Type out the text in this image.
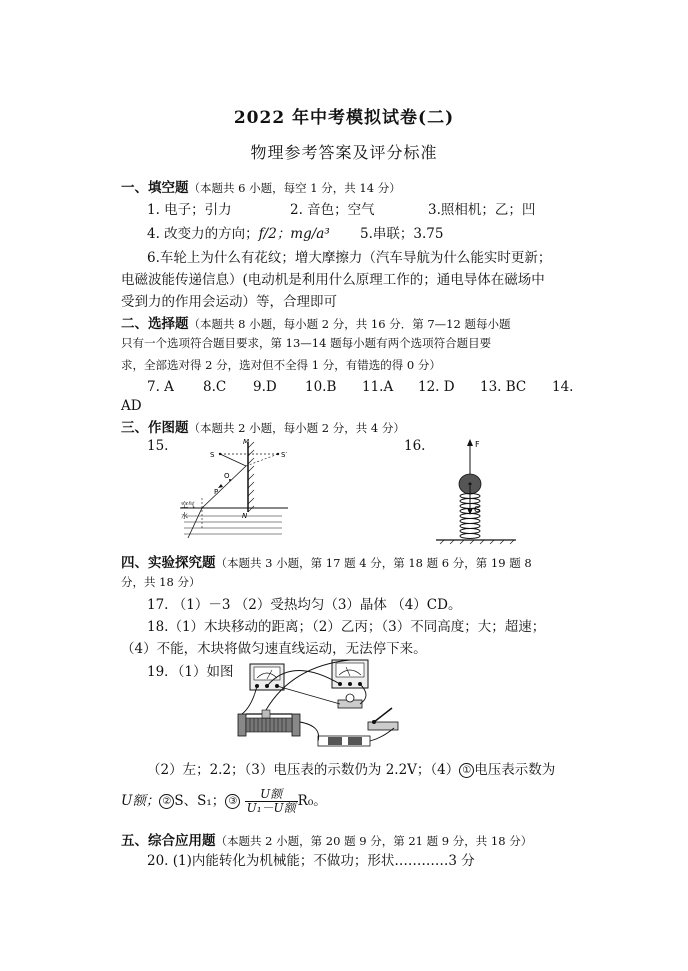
2022 年中考模拟试卷(二)
物理参考答案及评分标准
一、填空题（本题共 6 小题，每空 1 分，共 14 分）
1. 电子；引力	2. 音色；空气	3.照相机；乙；凹
4. 改变力的方向；f/2；mg/a³ 5.串联；3.75
6.车轮上为什么有花纹；增大摩擦力（汽车导航为什么能实时更新；
电磁波能传递信息）(电动机是利用什么原理工作的；通电导体在磁场中
受到力的作用会运动）等，合理即可
二、选择题（本题共 8 小题，每小题 2 分，共 16 分．第 7—12 题每小题
只有一个选项符合题目要求，第 13—14 题每小题有两个选项符合题目要
求，全部选对得 2 分，选对但不全得 1 分，有错选的得 0 分）
7. A 8.C 9.D 10.B 11.A 12. D 13. BC 14.
AD
三、作图题（本题共 2 小题，每小题 2 分，共 4 分）
15.	16.
M
N
S	S′
O
P
空气
水
F
G
四、实验探究题（本题共 3 小题，第 17 题 4 分，第 18 题 6 分，第 19 题 8
分，共 18 分）
17. （1）－3 （2）受热均匀（3）晶体 （4）CD。
18.（1）木块移动的距离；（2）乙丙；（3）不同高度；大；超速；
（4）不能，木块将做匀速直线运动，无法停下来。
19．（1）如图
（2）左；2.2；（3）电压表的示数仍为 2.2V；（4） ① 电压表示数为
U额； ② S、S₁； ③ $\frac{\text{U额}}{\text{U₁－U额}} R_0$。
五、综合应用题（本题共 2 小题，第 20 题 9 分，第 21 题 9 分，共 18 分）
20. (1)内能转化为机械能；不做功；形状…………3 分
